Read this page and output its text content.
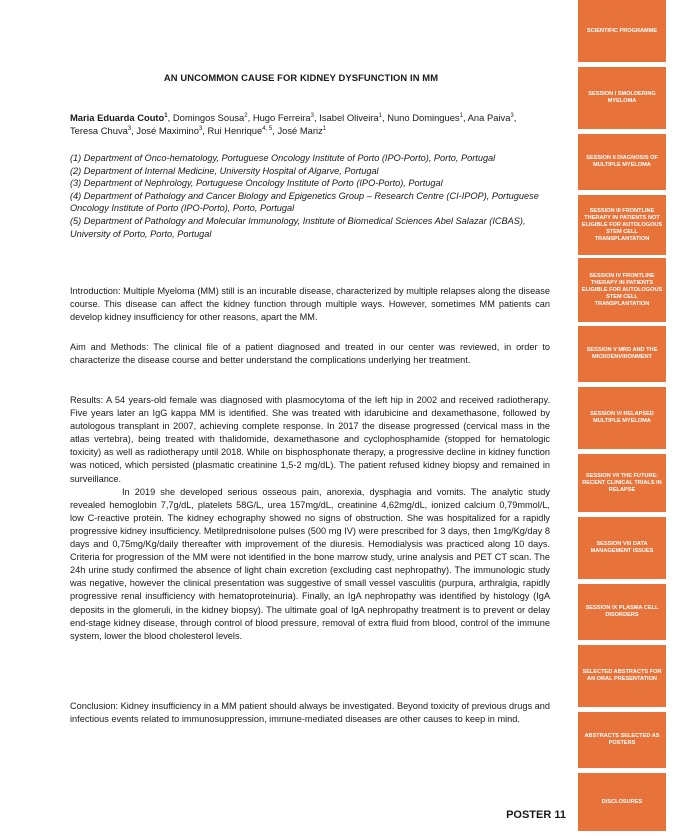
AN UNCOMMON CAUSE FOR KIDNEY DYSFUNCTION IN MM
Maria Eduarda Couto$^1$, Domingos Sousa$^2$, Hugo Ferreira$^3$, Isabel Oliveira$^1$, Nuno Domingues$^1$, Ana Paiva$^3$, Teresa Chuva$^3$, José Maximino$^3$, Rui Henrique$^{4, 5}$, José Mariz$^1$
(1) Department of Onco-hematology, Portuguese Oncology Institute of Porto (IPO-Porto), Porto, Portugal
(2) Department of Internal Medicine, University Hospital of Algarve, Portugal
(3) Department of Nephrology, Portuguese Oncology Institute of Porto (IPO-Porto), Portugal
(4) Department of Pathology and Cancer Biology and Epigenetics Group – Research Centre (CI-IPOP), Portuguese Oncology Institute of Porto (IPO-Porto), Porto, Portugal
(5) Department of Pathology and Molecular Immunology, Institute of Biomedical Sciences Abel Salazar (ICBAS), University of Porto, Porto, Portugal
Introduction: Multiple Myeloma (MM) still is an incurable disease, characterized by multiple relapses along the disease course. This disease can affect the kidney function through multiple ways. However, sometimes MM patients can develop kidney insufficiency for other reasons, apart the MM.
Aim and Methods: The clinical file of a patient diagnosed and treated in our center was reviewed, in order to characterize the disease course and better understand the complications underlying her treatment.

Results: A 54 years-old female was diagnosed with plasmocytoma of the left hip in 2002 and received radiotherapy. Five years later an IgG kappa MM is identified. She was treated with idarubicine and dexamethasone, followed by autologous transplant in 2007, achieving complete response. In 2017 the disease progressed (cervical mass in the atlas vertebra), being treated with thalidomide, dexamethasone and cyclophosphamide (stopped for hematologic toxicity) as well as radiotherapy until 2018. While on bisphosphonate therapy, a progressive decline in kidney function was noticed, which persisted (plasmatic creatinine 1,5-2 mg/dL). The patient refused kidney biopsy and remained in surveillance.

In 2019 she developed serious osseous pain, anorexia, dysphagia and vomits. The analytic study revealed hemoglobin 7,7g/dL, platelets 58G/L, urea 157mg/dL, creatinine 4,62mg/dL, ionized calcium 0,79mmol/L, low C-reactive protein. The kidney echography showed no signs of obstruction. She was hospitalized for a rapidly progressive kidney insufficiency. Metilprednisolone pulses (500 mg IV) were prescribed for 3 days, then 1mg/Kg/day 8 days and 0,75mg/Kg/daily thereafter with improvement of the diuresis. Hemodialysis was practiced along 10 days. Criteria for progression of the MM were not identified in the bone marrow study, urine analysis and PET CT scan. The 24h urine study confirmed the absence of light chain excretion (excluding cast nephropathy). The immunologic study was negative, however the clinical presentation was suggestive of small vessel vasculitis (purpura, arthralgia, rapidly progressive renal insufficiency with hematoproteinuria). Finally, an IgA nephropathy was identified by histology (IgA deposits in the glomeruli, in the kidney biopsy). The ultimate goal of IgA nephropathy treatment is to prevent or delay end-stage kidney disease, through control of blood pressure, removal of extra fluid from blood, control of the immune system, lower the blood cholesterol levels.

Conclusion: Kidney insufficiency in a MM patient should always be investigated. Beyond toxicity of previous drugs and infectious events related to immunosuppression, immune-mediated diseases are other causes to keep in mind.
POSTER 11
SCIENTIFIC PROGRAMME
SESSION I SMOLDERING MYELOMA
SESSION II DIAGNOSIS OF MULTIPLE MYELOMA
SESSION III FRONTLINE THERAPY IN PATIENTS NOT ELIGIBLE FOR AUTOLOGOUS STEM CELL TRANSPLANTATION
SESSION IV FRONTLINE THERAPY IN PATIENTS ELIGIBLE FOR AUTOLOGOUS STEM CELL TRANSPLANTATION
SESSION V MRD AND THE MICROENVIRONMENT
SESSION VI RELAPSED MULTIPLE MYELOMA
SESSION VII THE FUTURE: RECENT CLINICAL TRIALS IN RELAPSE
SESSION VIII DATA MANAGEMENT ISSUES
SESSION IX PLASMA CELL DISORDERS
SELECTED ABSTRACTS FOR AN ORAL PRESENTATION
ABSTRACTS SELECTED AS POSTERS
DISCLOSURES
